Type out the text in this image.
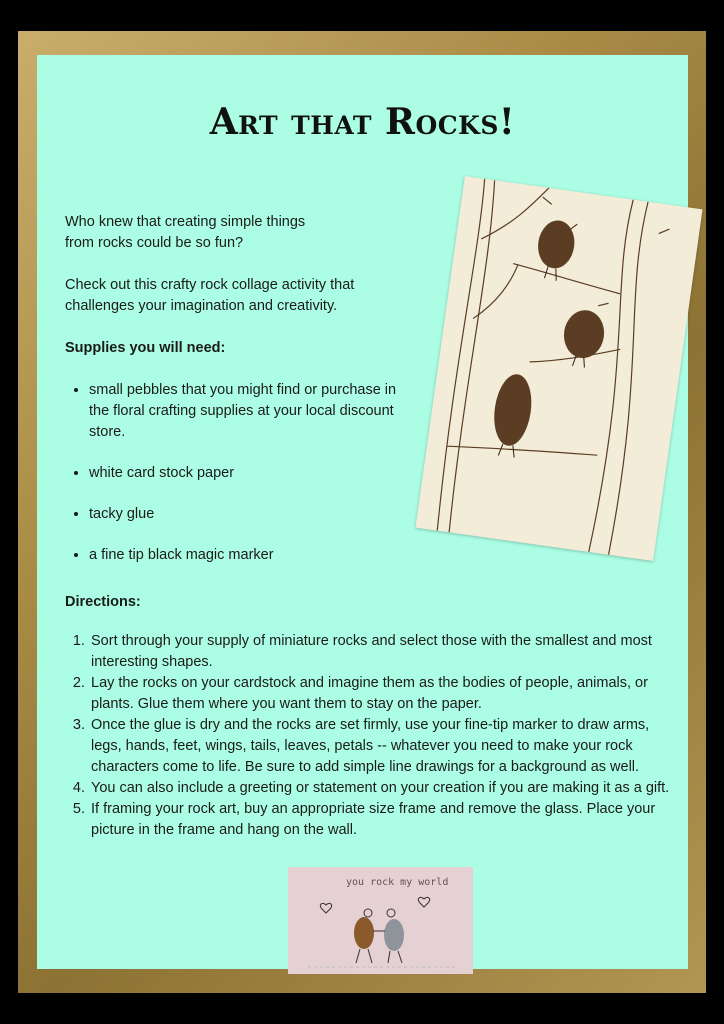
Art that Rocks!

Who knew that creating simple things from rocks could be so fun?

Check out this crafty rock collage activity that challenges your imagination and creativity.

Supplies you will need:

• small pebbles that you might find or purchase in the floral crafting supplies at your local discount store.
• white card stock paper
• tacky glue
• a fine tip black magic marker
Directions:
1. Sort through your supply of miniature rocks and select those with the smallest and most interesting shapes.
2. Lay the rocks on your cardstock and imagine them as the bodies of people, animals, or plants. Glue them where you want them to stay on the paper.
3. Once the glue is dry and the rocks are set firmly, use your fine-tip marker to draw arms, legs, hands, feet, wings, tails, leaves, petals -- whatever you need to make your rock characters come to life. Be sure to add simple line drawings for a background as well.
4. You can also include a greeting or statement on your creation if you are making it as a gift.
5. If framing your rock art, buy an appropriate size frame and remove the glass. Place your picture in the frame and hang on the wall.
you rock my world
